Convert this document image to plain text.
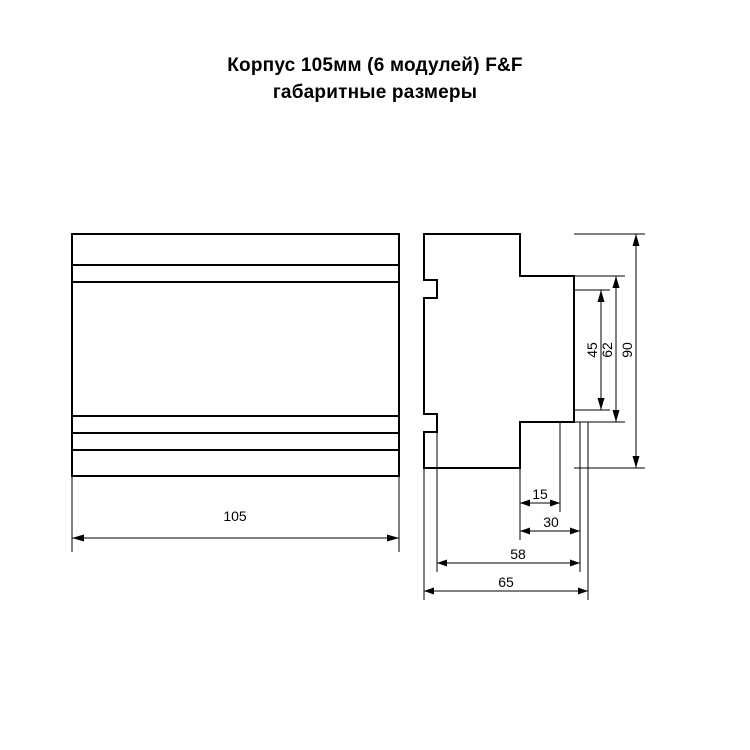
Корпус 105мм (6 модулей) F&F
габаритные размеры
105
45 62 90
15
30
58
65
